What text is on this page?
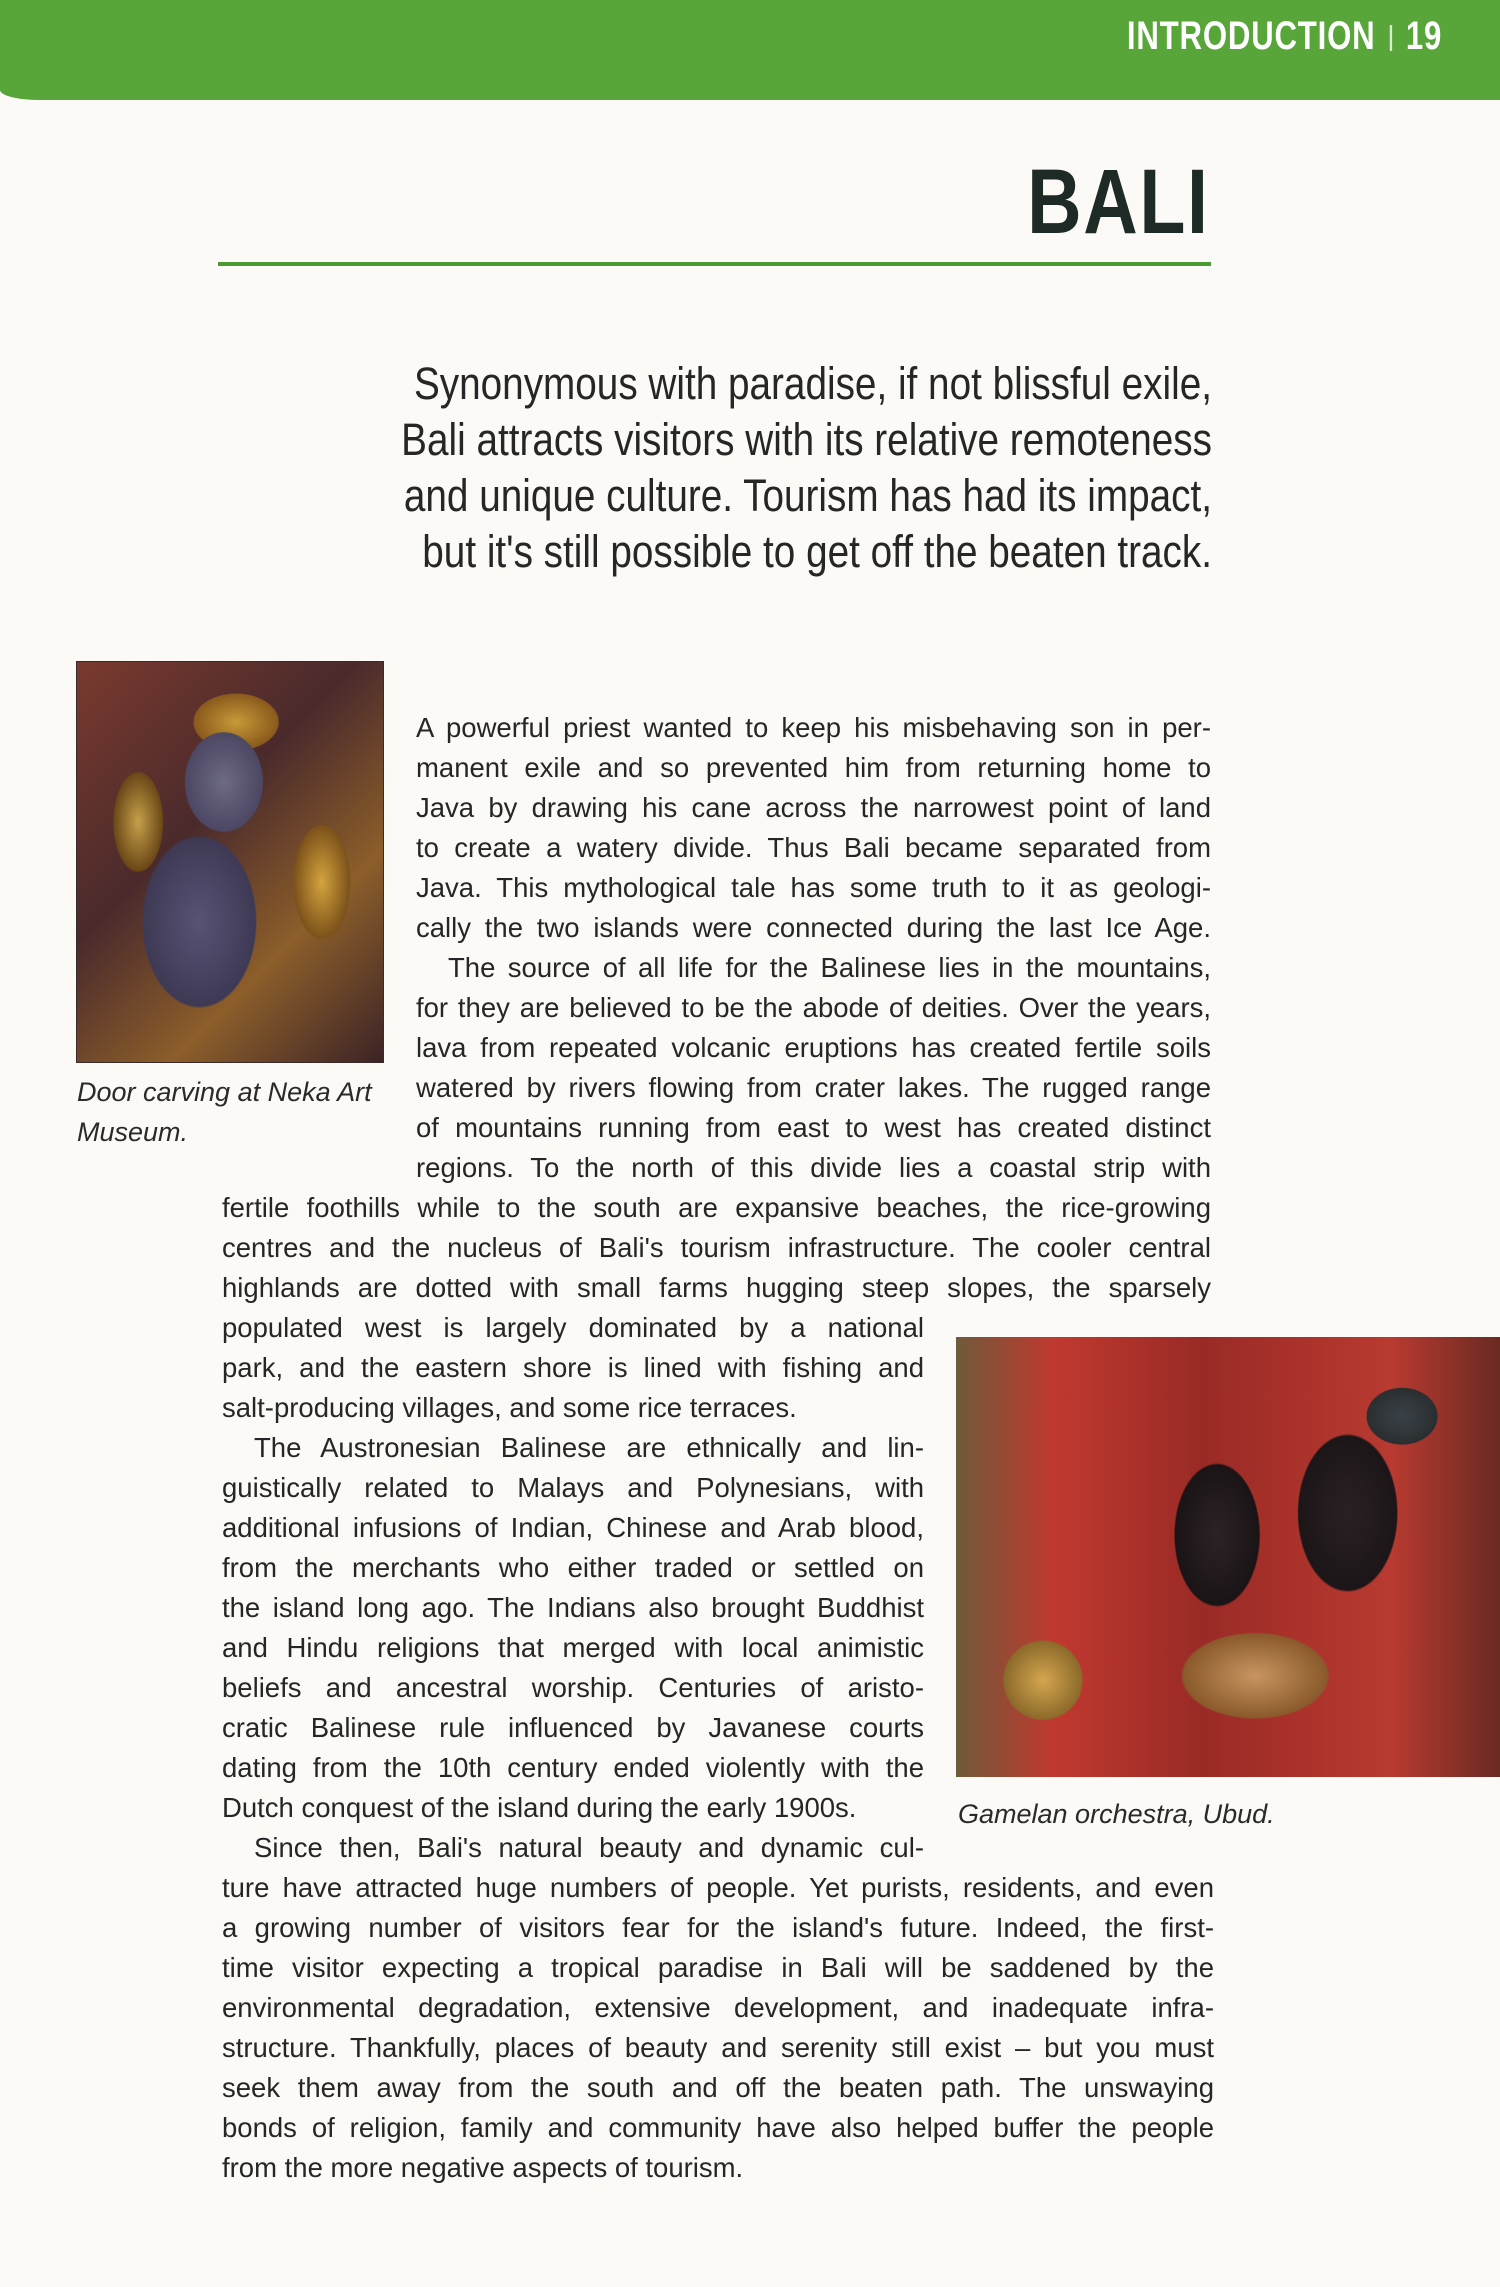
INTRODUCTION 19
BALI
Synonymous with paradise, if not blissful exile,
Bali attracts visitors with its relative remoteness
and unique culture. Tourism has had its impact,
but it's still possible to get off the beaten track.
Door carving at Neka Art Museum.
Gamelan orchestra, Ubud.
A powerful priest wanted to keep his misbehaving son in per-
manent exile and so prevented him from returning home to
Java by drawing his cane across the narrowest point of land
to create a watery divide. Thus Bali became separated from
Java. This mythological tale has some truth to it as geologi-
cally the two islands were connected during the last Ice Age.
The source of all life for the Balinese lies in the mountains,
for they are believed to be the abode of deities. Over the years,
lava from repeated volcanic eruptions has created fertile soils
watered by rivers flowing from crater lakes. The rugged range
of mountains running from east to west has created distinct
regions. To the north of this divide lies a coastal strip with
fertile foothills while to the south are expansive beaches, the rice-growing
centres and the nucleus of Bali's tourism infrastructure. The cooler central
highlands are dotted with small farms hugging steep slopes, the sparsely
populated west is largely dominated by a national
park, and the eastern shore is lined with fishing and
salt-producing villages, and some rice terraces.
The Austronesian Balinese are ethnically and lin-
guistically related to Malays and Polynesians, with
additional infusions of Indian, Chinese and Arab blood,
from the merchants who either traded or settled on
the island long ago. The Indians also brought Buddhist
and Hindu religions that merged with local animistic
beliefs and ancestral worship. Centuries of aristo-
cratic Balinese rule influenced by Javanese courts
dating from the 10th century ended violently with the
Dutch conquest of the island during the early 1900s.
Since then, Bali's natural beauty and dynamic cul-
ture have attracted huge numbers of people. Yet purists, residents, and even
a growing number of visitors fear for the island's future. Indeed, the first-
time visitor expecting a tropical paradise in Bali will be saddened by the
environmental degradation, extensive development, and inadequate infra-
structure. Thankfully, places of beauty and serenity still exist – but you must
seek them away from the south and off the beaten path. The unswaying
bonds of religion, family and community have also helped buffer the people
from the more negative aspects of tourism.
